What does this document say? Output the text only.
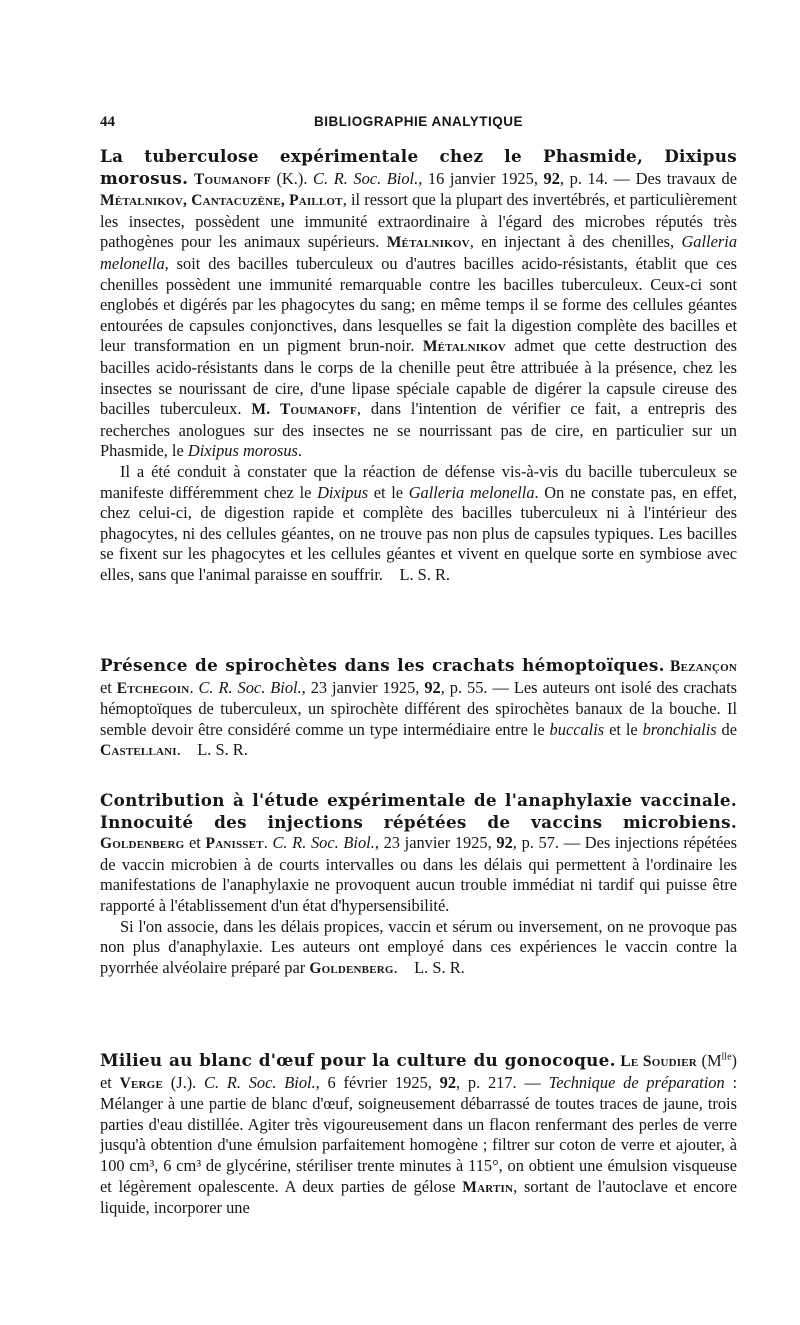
44	BIBLIOGRAPHIE ANALYTIQUE

La tuberculose expérimentale chez le Phasmide, Dixipus morosus. Toumanoff (K.). C. R. Soc. Biol., 16 janvier 1925, 92, p. 14. — Des travaux de Métalnikov, Cantacuzène, Paillot, il ressort que la plupart des invertébrés, et particulièrement les insectes, possèdent une immunité extraordinaire à l'égard des microbes réputés très pathogènes pour les animaux supérieurs. Métalnikov, en injectant à des chenilles, Galleria melonella, soit des bacilles tuberculeux ou d'autres bacilles acido-résistants, établit que ces chenilles possèdent une immunité remarquable contre les bacilles tuberculeux. Ceux-ci sont englobés et digérés par les phagocytes du sang; en même temps il se forme des cellules géantes entourées de capsules conjonctives, dans lesquelles se fait la digestion complète des bacilles et leur transformation en un pigment brun-noir. Métalnikov admet que cette destruction des bacilles acido-résistants dans le corps de la chenille peut être attribuée à la présence, chez les insectes se nourissant de cire, d'une lipase spéciale capable de digérer la capsule cireuse des bacilles tuberculeux. M. Toumanoff, dans l'intention de vérifier ce fait, a entrepris des recherches anologues sur des insectes ne se nourrissant pas de cire, en particulier sur un Phasmide, le Dixipus morosus.

Il a été conduit à constater que la réaction de défense vis-à-vis du bacille tuberculeux se manifeste différemment chez le Dixipus et le Galleria melonella. On ne constate pas, en effet, chez celui-ci, de digestion rapide et complète des bacilles tuberculeux ni à l'intérieur des phagocytes, ni des cellules géantes, on ne trouve pas non plus de capsules typiques. Les bacilles se fixent sur les phagocytes et les cellules géantes et vivent en quelque sorte en symbiose avec elles, sans que l'animal paraisse en souffrir. L. S. R.

Présence de spirochètes dans les crachats hémoptoïques. Bezançon et Etchegoin. C. R. Soc. Biol., 23 janvier 1925, 92, p. 55. — Les auteurs ont isolé des crachats hémoptoïques de tuberculeux, un spirochète différent des spirochètes banaux de la bouche. Il semble devoir être considéré comme un type intermédiaire entre le buccalis et le bronchialis de Castellani. L. S. R.

Contribution à l'étude expérimentale de l'anaphylaxie vaccinale. Innocuité des injections répétées de vaccins microbiens. Goldenberg et Panisset. C. R. Soc. Biol., 23 janvier 1925, 92, p. 57. — Des injections répétées de vaccin microbien à de courts intervalles ou dans les délais qui permettent à l'ordinaire les manifestations de l'anaphylaxie ne provoquent aucun trouble immédiat ni tardif qui puisse être rapporté à l'établissement d'un état d'hypersensibilité.

Si l'on associe, dans les délais propices, vaccin et sérum ou inversement, on ne provoque pas non plus d'anaphylaxie. Les auteurs ont employé dans ces expériences le vaccin contre la pyorrhée alvéolaire préparé par Goldenberg. L. S. R.

Milieu au blanc d'œuf pour la culture du gonocoque. Le Soudier $(M^{lle})$ et Verge (J.). C. R. Soc. Biol., 6 février 1925, 92, p. 217. — Technique de préparation : Mélanger à une partie de blanc d'œuf, soigneusement débarrassé de toutes traces de jaune, trois parties d'eau distillée. Agiter très vigoureusement dans un flacon renfermant des perles de verre jusqu'à obtention d'une émulsion parfaitement homogène ; filtrer sur coton de verre et ajouter, à 100 cm³, 6 cm³ de glycérine, stériliser trente minutes à 115°, on obtient une émulsion visqueuse et légèrement opalescente. A deux parties de gélose Martin, sortant de l'autoclave et encore liquide, incorporer une
